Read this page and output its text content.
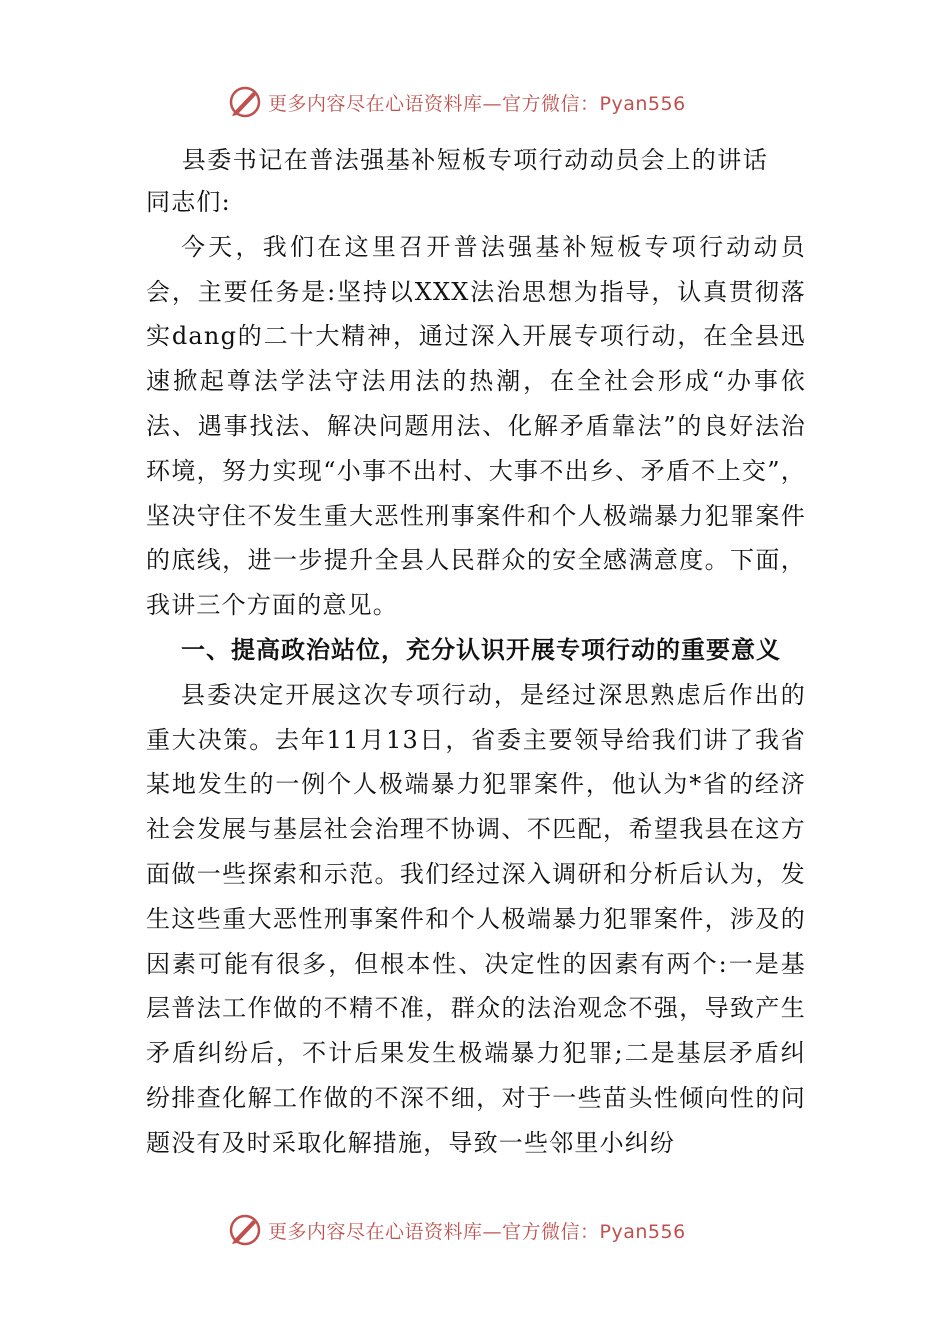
更多内容尽在心语资料库—官方微信：Pyan556
县委书记在普法强基补短板专项行动动员会上的讲话

同志们:

今天，我们在这里召开普法强基补短板专项行动动员会，主要任务是:坚持以XXX法治思想为指导，认真贯彻落实dang的二十大精神，通过深入开展专项行动，在全县迅速掀起尊法学法守法用法的热潮，在全社会形成“办事依法、遇事找法、解决问题用法、化解矛盾靠法”的良好法治环境，努力实现“小事不出村、大事不出乡、矛盾不上交”，坚决守住不发生重大恶性刑事案件和个人极端暴力犯罪案件的底线，进一步提升全县人民群众的安全感满意度。下面，我讲三个方面的意见。

一、提高政治站位，充分认识开展专项行动的重要意义

县委决定开展这次专项行动，是经过深思熟虑后作出的重大决策。去年11月13日，省委主要领导给我们讲了我省某地发生的一例个人极端暴力犯罪案件，他认为*省的经济社会发展与基层社会治理不协调、不匹配，希望我县在这方面做一些探索和示范。我们经过深入调研和分析后认为，发生这些重大恶性刑事案件和个人极端暴力犯罪案件，涉及的因素可能有很多，但根本性、决定性的因素有两个:一是基层普法工作做的不精不准，群众的法治观念不强，导致产生矛盾纠纷后，不计后果发生极端暴力犯罪;二是基层矛盾纠纷排查化解工作做的不深不细，对于一些苗头性倾向性的问题没有及时采取化解措施，导致一些邻里小纠纷

更多内容尽在心语资料库—官方微信：Pyan556
